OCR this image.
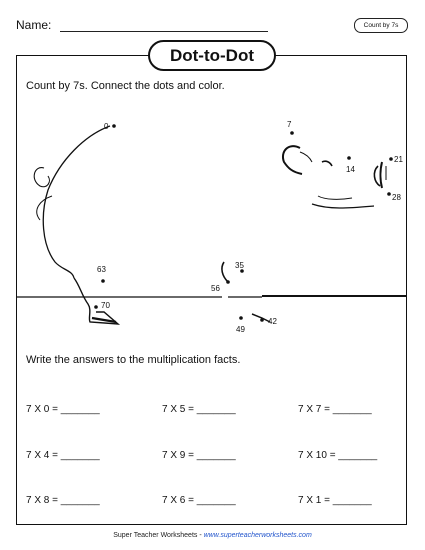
Name:	Count by 7s
Dot-to-Dot
Count by 7s. Connect the dots and color.
0	7
14
21
28
35
42
49
56
63
70
Write the answers to the multiplication facts.
7 X 0 = _______	7 X 5 = _______	7 X 7 = _______
7 X 4 = _______	7 X 9 = _______	7 X 10 = _______
7 X 8 = _______	7 X 6 = _______	7 X 1 = _______
Super Teacher Worksheets - www.superteacherworksheets.com
